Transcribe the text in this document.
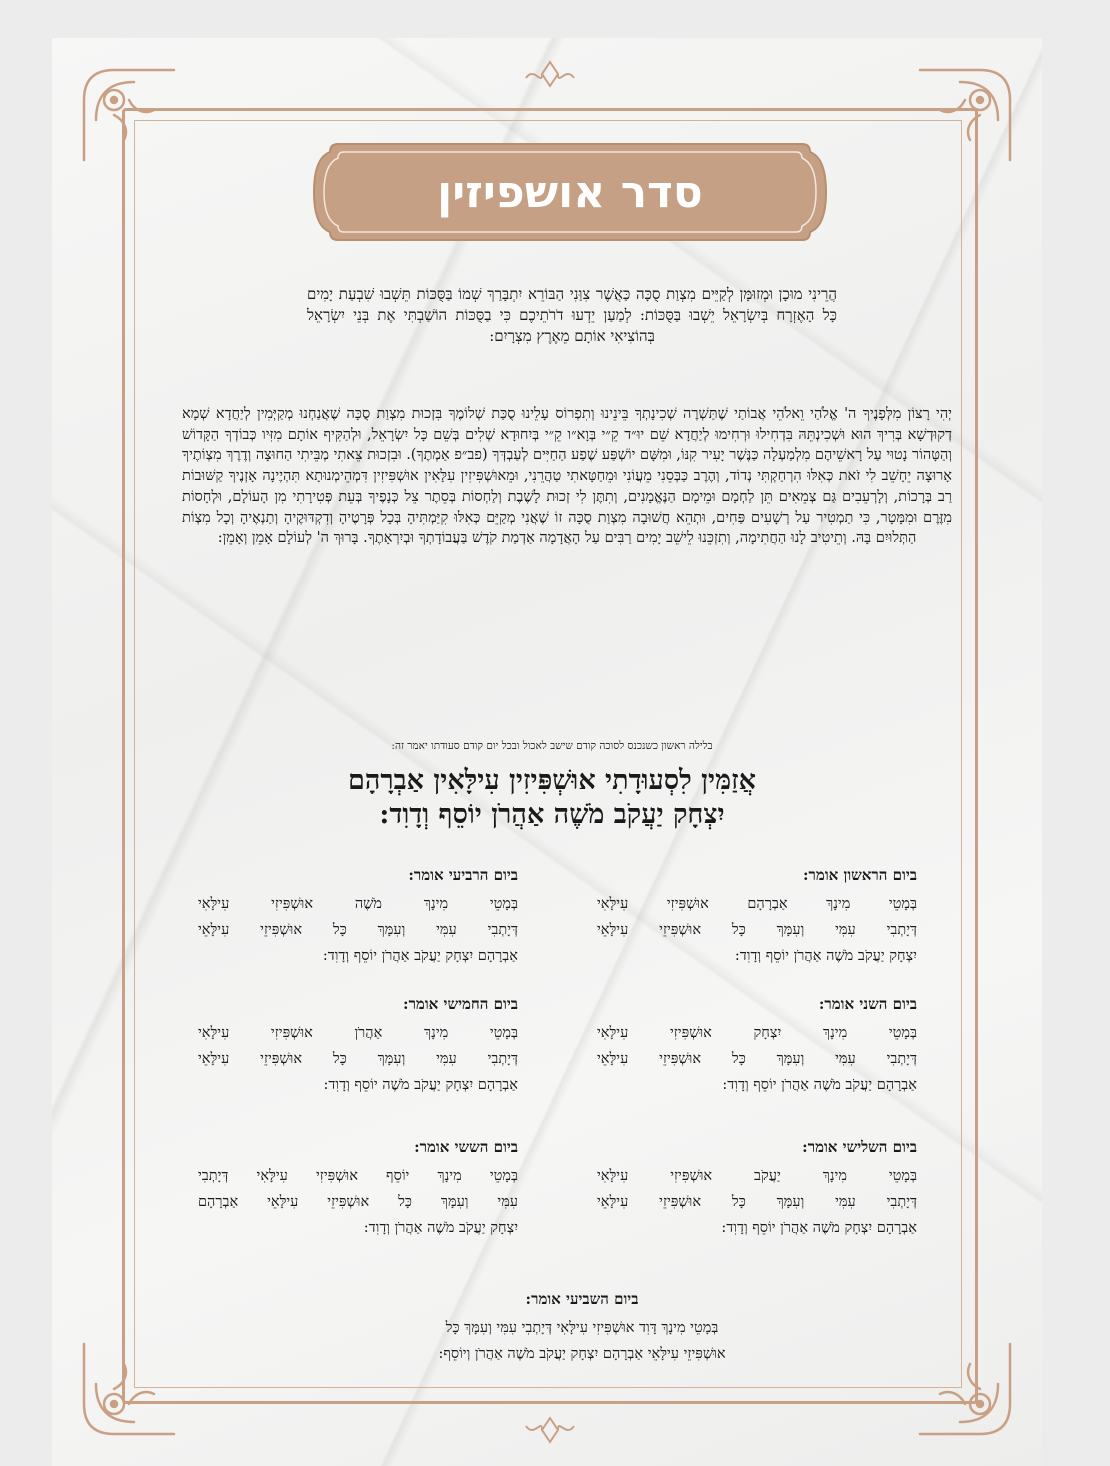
סדר אושפיזין
הֲרֵינִי מוּכָן וּמְזוּמָּן לְקַיֵּים מִצְוַת סֻכָּה כַּאֲשֶׁר צִוַּנִי הַבּוֹרֵא יִתְבָּרַךְ שְׁמוֹ בַּסֻּכּוֹת תֵּשְׁבוּ שִׁבְעַת יָמִים כָּל הָאֶזְרָח בְּיִשְׂרָאֵל יֵשְׁבוּ בַּסֻּכּוֹת: לְמַעַן יֵדְעוּ דֹרֹתֵיכֶם כִּי בַסֻּכּוֹת הוֹשַׁבְתִּי אֶת בְּנֵי יִשְׂרָאֵל בְּהוֹצִיאִי אוֹתָם מֵאֶרֶץ מִצְרָיִם:
יְהִי רָצוֹן מִלְּפָנֶיךָ ה' אֱלֹהַי וֵאלֹהֵי אֲבוֹתַי שֶׁתַּשְׁרֶה שְׁכִינָתְךָ בֵּינֵינוּ וְתִפְרוֹס עָלֵינוּ סֻכַּת שְׁלוֹמֶךָ בִּזְכוּת מִצְוַת סֻכָּה שֶׁאֲנַחְנוּ מְקַיְּמִין לְיַחֲדָא שְׁמָא דְקוּדְשָׁא בְּרִיךְ הוּא וּשְׁכִינְתֵּהּ בִּדְחִילוּ וּרְחִימוּ לְיַחֲדָא שֵׁם יוּ״ד קֵ״י בְּוָא״ו קֵ״י בְּיִחוּדָא שְׁלִים בְּשֵׁם כָּל יִשְׂרָאֵל, וּלְהַקִּיף אוֹתָם מִזִּיו כְּבוֹדְךָ הַקָּדוֹשׁ וְהַטָּהוֹר נָטוּי עַל רָאשֵׁיהֶם מִלְמַעְלָה כַּנֶּשֶׁר יָעִיר קִנּוֹ, וּמִשָּׁם יוֹשְׁפַּע שֶׁפַע הַחַיִּים לְעַבְדְּךָ (פב״פ אַמְתֶךָ). וּבִזְכוּת צֵאתִי מְבֵּיתִי הַחוּצָה וְדֶרֶךְ מִצְוֹתֶיךָ אָרוּצָה יֵחָשֵׁב לִי זֹאת כְּאִלּוּ הִרְחַקְתִּי נְדוֹד, וְהֶרֶב כַּבְּסֵנִי מֵעֲוֹנִי וּמֵחַטָּאתִי טַהֲרֵנִי, וּמֵאוּשְׁפִּיזִין עִלָּאִין אוּשְׁפִּיזִין דִּמְהֵימְנוּתָא תִּהְיֶינָה אָזְנֶיךָ קַשּׁוּבוֹת רַב בְּרָכוֹת, וְלָרְעֵבִים גַּם צְמֵאִים תֵּן לַחְמָם וּמֵימָם הַנֶּאֱמָנִים, וְתִתֶּן לִי זְכוּת לָשֶׁבֶת וְלַחְסוֹת בְּסֵתֶר צֵל כְּנָפֶיךָ בְּעֵת פְּטִירָתִי מִן הָעוֹלָם, וּלְחָסוֹת מִזֶּרֶם וּמִמָּטָר, כִּי תַמְטִיר עַל רְשָׁעִים פַּחִים, וּתְהֵא חֲשׁוּבָה מִצְוַת סֻכָּה זוֹ שֶׁאֲנִי מְקַיֵּם כְּאִלּוּ קִיַּמְתִּיהָ בְּכָל פְּרָטֶיהָ וְדִקְדּוּקֶיהָ וְתַנְאֶיהָ וְכָל מִצְוֹת הַתְּלוּיִם בָּהּ. וְתֵיטִיב לָנוּ הַחֲתִימָה, וְתִזְכֵּנוּ לֵישֵׁב יָמִים רַבִּים עַל הָאֲדָמָה אַדְמַת קֹדֶשׁ בַּעֲבוֹדָתְךָ וּבְיִרְאָתֶךָ. בָּרוּךְ ה' לְעוֹלָם אָמֵן וְאָמֵן:
בלילה ראשון כשנכנס לסוכה קודם שישב לאכול ובכל יום קודם סעודתו יאמר זה:
אֲזַמִּין לִסְעוּדָתִי אוּשְׁפִּיזִין עִילָּאִין אַבְרָהָם
יִצְחָק יַעֲקֹב מֹשֶׁה אַהֲרֹן יוֹסֵף וְדָוִד:
ביום הראשון אומר:

בְּמָטֵי מִינָךְ אַבְרָהָם אוּשְׁפִּיזִי עִילָּאִי

דְּיָתְבִי עִמִּי וְעִמָּךְ כָּל אוּשְׁפִּיזֵי עִילָּאֵי

יִצְחָק יַעֲקֹב מֹשֶׁה אַהֲרֹן יוֹסֵף וְדָוִד:

ביום הרביעי אומר:

בְּמָטֵי מִינָךְ מֹשֶׁה אוּשְׁפִּיזִי עִילָּאִי

דְּיָתְבִי עִמִּי וְעִמָּךְ כָּל אוּשְׁפִּיזֵי עִילָּאֵי

אַבְרָהָם יִצְחָק יַעֲקֹב אַהֲרֹן יוֹסֵף וְדָוִד:

ביום השני אומר:

בְּמָטֵי מִינָךְ יִצְחָק אוּשְׁפִּיזִי עִילָּאִי

דְּיָתְבִי עִמִּי וְעִמָּךְ כָּל אוּשְׁפִּיזֵי עִילָּאֵי

אַבְרָהָם יַעֲקֹב מֹשֶׁה אַהֲרֹן יוֹסֵף וְדָוִד:

ביום החמישי אומר:

בְּמָטֵי מִינָךְ אַהֲרֹן אוּשְׁפִּיזִי עִילָּאִי

דְּיָתְבִי עִמִּי וְעִמָּךְ כָּל אוּשְׁפִּיזֵי עִילָּאֵי

אַבְרָהָם יִצְחָק יַעֲקֹב מֹשֶׁה יוֹסֵף וְדָוִד:

ביום השלישי אומר:

בְּמָטֵי מִינָךְ יַעֲקֹב אוּשְׁפִּיזִי עִילָּאִי

דְּיָתְבִי עִמִּי וְעִמָּךְ כָּל אוּשְׁפִּיזֵי עִילָּאֵי

אַבְרָהָם יִצְחָק מֹשֶׁה אַהֲרֹן יוֹסֵף וְדָוִד:

ביום הששי אומר:

בְּמָטֵי מִינָךְ יוֹסֵף אוּשְׁפִּיזִי עִילָּאִי דְּיָתְבִי

עִמִּי וְעִמָּךְ כָּל אוּשְׁפִּיזֵי עִילָּאֵי אַבְרָהָם

יִצְחָק יַעֲקֹב מֹשֶׁה אַהֲרֹן וְדָוִד:

ביום השביעי אומר:

בְּמָטֵי מִינָךְ דָּוִד אוּשְׁפִּיזִי עִילָּאִי דְּיָתְבִי עִמִּי וְעִמָּךְ כָּל

אוּשְׁפִּיזֵי עִילָּאֵי אַבְרָהָם יִצְחָק יַעֲקֹב מֹשֶׁה אַהֲרֹן וְיוֹסֵף:
